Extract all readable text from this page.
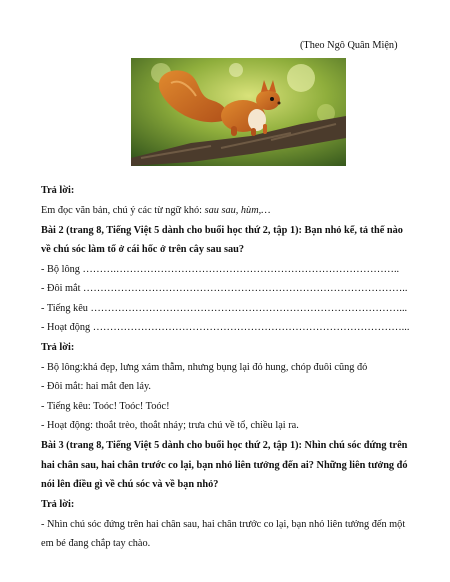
(Theo Ngô Quân Miện)
Trả lời:
Em đọc văn bản, chú ý các từ ngữ khó: sau sau, hùm,…
Bài 2 (trang 8, Tiếng Việt 5 dành cho buổi học thứ 2, tập 1): Bạn nhỏ kể, tả thế nào
về chú sóc làm tổ ở cái hốc ở trên cây sau sau?
- Bộ lông ……….………………………………………………………………………..
- Đôi mắt …………………………………………………………………………………..
- Tiếng kêu ………………………………………………………………………………...
- Hoạt động ………………………………………………………………………………...
Trả lời:
- Bộ lông:khá đẹp, lưng xám thẫm, nhưng bụng lại đỏ hung, chóp đuôi cũng đỏ
- Đôi mắt: hai mắt đen láy.
- Tiếng kêu: Toóc! Toóc! Toóc!
- Hoạt động: thoắt trèo, thoắt nhảy; trưa chú về tổ, chiều lại ra.
Bài 3 (trang 8, Tiếng Việt 5 dành cho buổi học thứ 2, tập 1): Nhìn chú sóc đứng trên
hai chân sau, hai chân trước co lại, bạn nhỏ liên tưởng đến ai? Những liên tưởng đó
nói lên điều gì về chú sóc và về bạn nhỏ?
Trả lời:
- Nhìn chú sóc đứng trên hai chân sau, hai chân trước co lại, bạn nhỏ liên tưởng đến một
em bé đang chắp tay chào.
